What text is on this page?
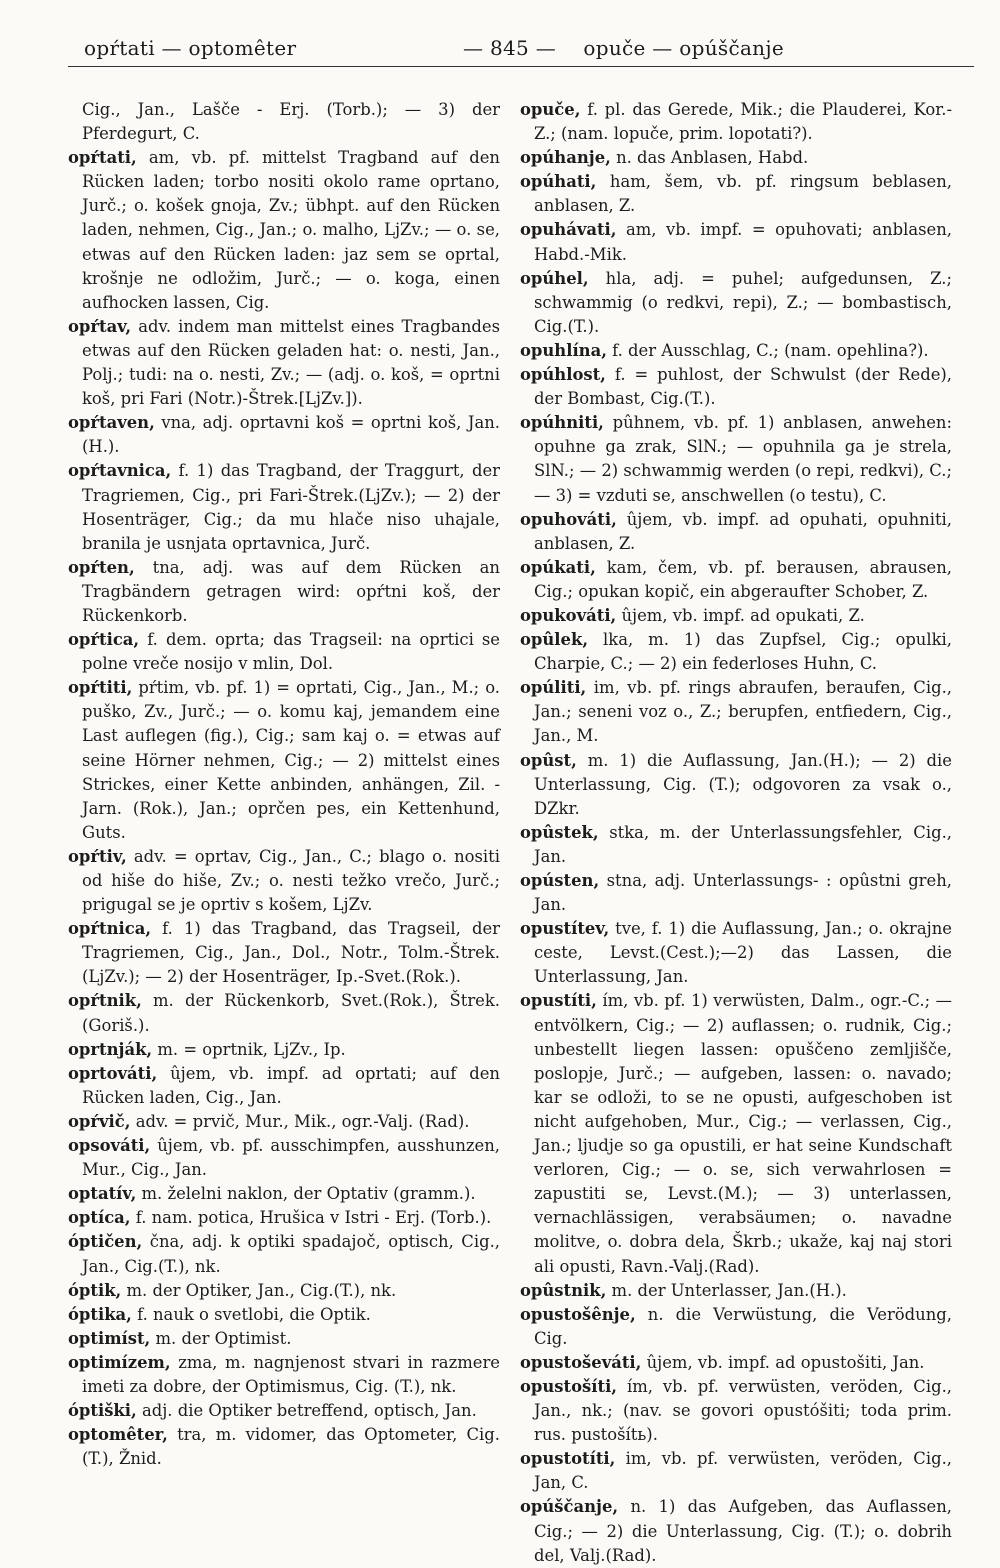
opŕtati — optomêter	— 845 — opuče — opúščanje

Cig., Jan., Lašče - Erj. (Torb.); — 3) der Pferdegurt, C.

opŕtati, am, vb. pf. mittelst Tragband auf den Rücken laden; torbo nositi okolo rame oprtano, Jurč.; o. košek gnoja, Zv.; übhpt. auf den Rücken laden, nehmen, Cig., Jan.; o. malho, LjZv.; — o. se, etwas auf den Rücken laden: jaz sem se oprtal, krošnje ne odložim, Jurč.; — o. koga, einen aufhocken lassen, Cig.

opŕtav, adv. indem man mittelst eines Tragbandes etwas auf den Rücken geladen hat: o. nesti, Jan., Polj.; tudi: na o. nesti, Zv.; — (adj. o. koš, = oprtni koš, pri Fari (Notr.)-Štrek.[LjZv.]).

opŕtaven, vna, adj. oprtavni koš = oprtni koš, Jan.(H.).

opŕtavnica, f. 1) das Tragband, der Traggurt, der Tragriemen, Cig., pri Fari-Štrek.(LjZv.); — 2) der Hosenträger, Cig.; da mu hlače niso uhajale, branila je usnjata oprtavnica, Jurč.

opŕten, tna, adj. was auf dem Rücken an Tragbändern getragen wird: opŕtni koš, der Rückenkorb.

opŕtica, f. dem. oprta; das Tragseil: na oprtici se polne vreče nosijo v mlin, Dol.

opŕtiti, pŕtim, vb. pf. 1) = oprtati, Cig., Jan., M.; o. puško, Zv., Jurč.; — o. komu kaj, jemandem eine Last auflegen (fig.), Cig.; sam kaj o. = etwas auf seine Hörner nehmen, Cig.; — 2) mittelst eines Strickes, einer Kette anbinden, anhängen, Zil. - Jarn. (Rok.), Jan.; oprčen pes, ein Kettenhund, Guts.

opŕtiv, adv. = oprtav, Cig., Jan., C.; blago o. nositi od hiše do hiše, Zv.; o. nesti težko vrečo, Jurč.; prigugal se je oprtiv s košem, LjZv.

opŕtnica, f. 1) das Tragband, das Tragseil, der Tragriemen, Cig., Jan., Dol., Notr., Tolm.-Štrek.(LjZv.); — 2) der Hosenträger, Ip.-Svet.(Rok.).

opŕtnik, m. der Rückenkorb, Svet.(Rok.), Štrek. (Goriš.).

oprtnják, m. = oprtnik, LjZv., Ip.

oprtováti, ûjem, vb. impf. ad oprtati; auf den Rücken laden, Cig., Jan.

opŕvič, adv. = prvič, Mur., Mik., ogr.-Valj. (Rad).

opsováti, ûjem, vb. pf. ausschimpfen, ausshunzen, Mur., Cig., Jan.

optatív, m. želelni naklon, der Optativ (gramm.).

optíca, f. nam. potica, Hrušica v Istri - Erj. (Torb.).

óptičen, čna, adj. k optiki spadajoč, optisch, Cig., Jan., Cig.(T.), nk.

óptik, m. der Optiker, Jan., Cig.(T.), nk.

óptika, f. nauk o svetlobi, die Optik.

optimíst, m. der Optimist.

optimízem, zma, m. nagnjenost stvari in razmere imeti za dobre, der Optimismus, Cig. (T.), nk.

óptiški, adj. die Optiker betreffend, optisch, Jan.

optomêter, tra, m. vidomer, das Optometer, Cig.(T.), Žnid.

opuče, f. pl. das Gerede, Mik.; die Plauderei, Kor.-Z.; (nam. lopuče, prim. lopotati?).

opúhanje, n. das Anblasen, Habd.

opúhati, ham, šem, vb. pf. ringsum beblasen, anblasen, Z.

opuhávati, am, vb. impf. = opuhovati; anblasen, Habd.-Mik.

opúhel, hla, adj. = puhel; aufgedunsen, Z.; schwammig (o redkvi, repi), Z.; — bombastisch, Cig.(T.).

opuhlína, f. der Ausschlag, C.; (nam. opehlina?).

opúhlost, f. = puhlost, der Schwulst (der Rede), der Bombast, Cig.(T.).

opúhniti, pûhnem, vb. pf. 1) anblasen, anwehen: opuhne ga zrak, SlN.; — opuhnila ga je strela, SlN.; — 2) schwammig werden (o repi, redkvi), C.; — 3) = vzduti se, anschwellen (o testu), C.

opuhováti, ûjem, vb. impf. ad opuhati, opuhniti, anblasen, Z.

opúkati, kam, čem, vb. pf. berausen, abrausen, Cig.; opukan kopič, ein abgeraufter Schober, Z.

opukováti, ûjem, vb. impf. ad opukati, Z.

opûlek, lka, m. 1) das Zupfsel, Cig.; opulki, Charpie, C.; — 2) ein federloses Huhn, C.

opúliti, im, vb. pf. rings abraufen, beraufen, Cig., Jan.; seneni voz o., Z.; berupfen, entfiedern, Cig., Jan., M.

opûst, m. 1) die Auflassung, Jan.(H.); — 2) die Unterlassung, Cig. (T.); odgovoren za vsak o., DZkr.

opûstek, stka, m. der Unterlassungsfehler, Cig., Jan.

opústen, stna, adj. Unterlassungs- : opûstni greh, Jan.

opustítev, tve, f. 1) die Auflassung, Jan.; o. okrajne ceste, Levst.(Cest.);—2) das Lassen, die Unterlassung, Jan.

opustíti, ím, vb. pf. 1) verwüsten, Dalm., ogr.-C.; — entvölkern, Cig.; — 2) auflassen; o. rudnik, Cig.; unbestellt liegen lassen: opuščeno zemljišče, poslopje, Jurč.; — aufgeben, lassen: o. navado; kar se odloži, to se ne opusti, aufgeschoben ist nicht aufgehoben, Mur., Cig.; — verlassen, Cig., Jan.; ljudje so ga opustili, er hat seine Kundschaft verloren, Cig.; — o. se, sich verwahrlosen = zapustiti se, Levst.(M.); — 3) unterlassen, vernachlässigen, verabsäumen; o. navadne molitve, o. dobra dela, Škrb.; ukaže, kaj naj stori ali opusti, Ravn.-Valj.(Rad).

opûstnik, m. der Unterlasser, Jan.(H.).

opustošênje, n. die Verwüstung, die Verödung, Cig.

opustoševáti, ûjem, vb. impf. ad opustošiti, Jan.

opustošíti, ím, vb. pf. verwüsten, veröden, Cig., Jan., nk.; (nav. se govori opustóšiti; toda prim. rus. pustošítь).

opustotíti, im, vb. pf. verwüsten, veröden, Cig., Jan, C.

opúščanje, n. 1) das Aufgeben, das Auflassen, Cig.; — 2) die Unterlassung, Cig. (T.); o. dobrih del, Valj.(Rad).
